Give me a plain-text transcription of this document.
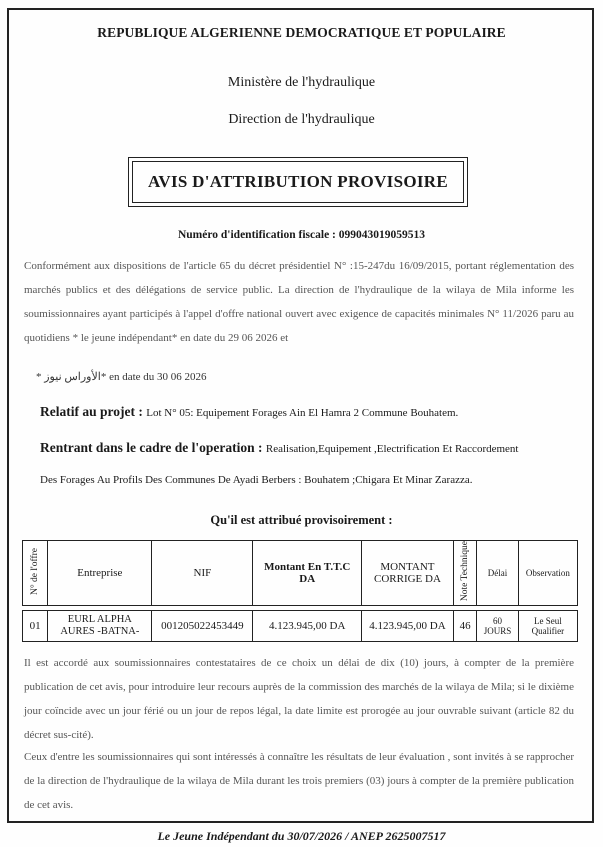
REPUBLIQUE ALGERIENNE DEMOCRATIQUE ET POPULAIRE
Ministère de l'hydraulique
Direction de l'hydraulique
AVIS D'ATTRIBUTION PROVISOIRE
Numéro d'identification fiscale : 099043019059513
Conformément aux dispositions de l'article 65 du décret présidentiel N° :15-247du 16/09/2015, portant réglementation des marchés publics et des délégations de service public. La direction de l'hydraulique de la wilaya de Mila informe les soumissionnaires ayant participés à l'appel d'offre national ouvert avec exigence de capacités minimales N° 11/2026 paru au quotidiens * le jeune indépendant* en date du 29 06 2026 et
* الأوراس نيوز* en date du 30 06 2026
Relatif au projet : Lot N° 05: Equipement Forages Ain El Hamra 2 Commune Bouhatem.
Rentrant dans le cadre de l'operation : Realisation,Equipement ,Electrification Et Raccordement
Des Forages Au Profils Des Communes De Ayadi Berbers : Bouhatem ;Chigara Et Minar Zarazza.
Qu'il est attribué provisoirement :
N° de l'offre	Entreprise	NIF	Montant En T.T.C DA	MONTANT CORRIGE DA	Note Technique	Délai	Observation

01	EURL ALPHA AURES -BATNA-	001205022453449	4.123.945,00 DA	4.123.945,00 DA	46	60 JOURS	Le Seul Qualifier
Il est accordé aux soumissionnaires contestataires de ce choix un délai de dix (10) jours, à compter de la première publication de cet avis, pour introduire leur recours auprès de la commission des marchés de la wilaya de Mila; si le dixième jour coïncide avec un jour férié ou un jour de repos légal, la date limite est prorogée au jour ouvrable suivant (article 82 du décret sus-cité).
Ceux d'entre les soumissionnaires qui sont intéressés à connaître les résultats de leur évaluation , sont invités à se rapprocher de la direction de l'hydraulique de la wilaya de Mila durant les trois premiers (03) jours à compter de la première publication de cet avis.
Le Jeune Indépendant du 30/07/2026 / ANEP 2625007517
